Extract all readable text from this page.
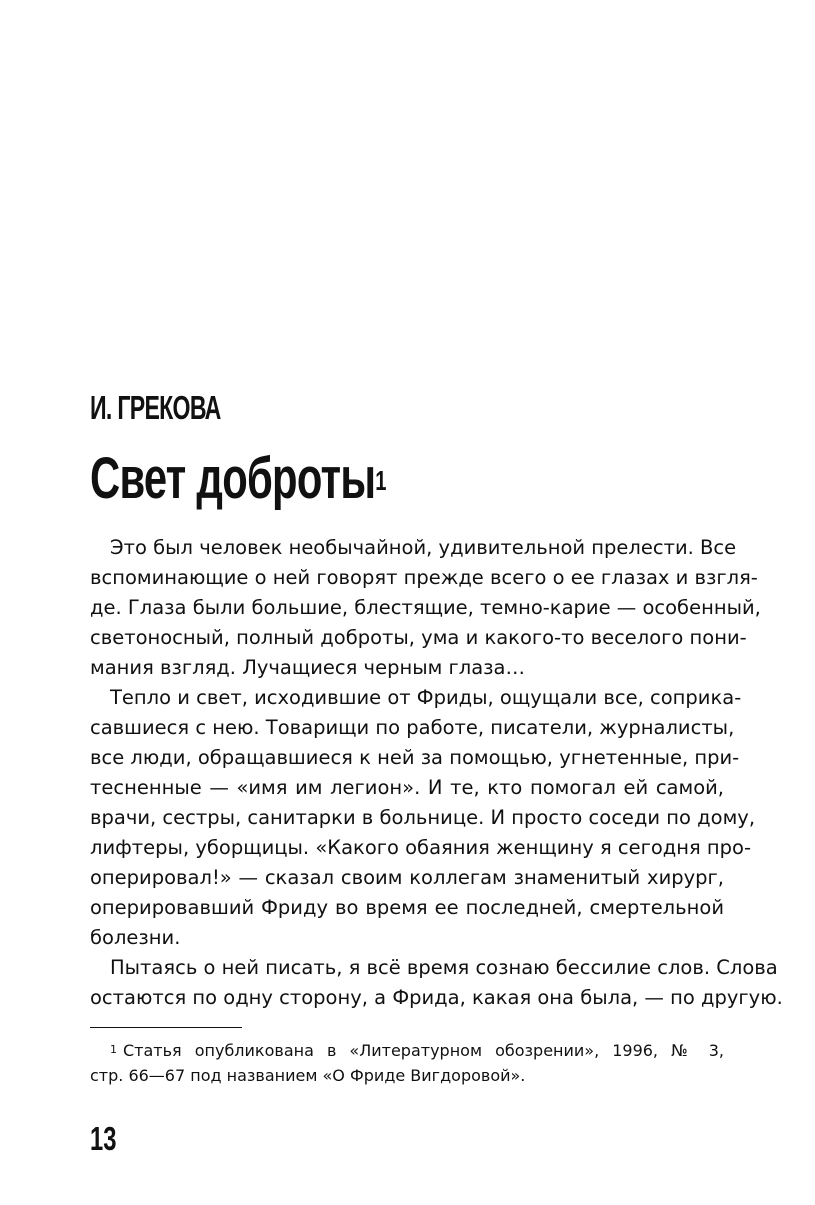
И. ГРЕКОВА
Свет доброты$^1$
Это был человек необычайной, удивительной прелести. Все
вспоминающие о ней говорят прежде всего о ее глазах и взгля-
де. Глаза были большие, блестящие, темно-карие — особенный,
светоносный, полный доброты, ума и какого-то веселого пони-
мания взгляд. Лучащиеся черным глаза…
Тепло и свет, исходившие от Фриды, ощущали все, соприка-
савшиеся с нею. Товарищи по работе, писатели, журналисты,
все люди, обращавшиеся к ней за помощью, угнетенные, при-
тесненные — «имя им легион». И те, кто помогал ей самой,
врачи, сестры, санитарки в больнице. И просто соседи по дому,
лифтеры, уборщицы. «Какого обаяния женщину я сегодня про-
оперировал!» — сказал своим коллегам знаменитый хирург,
оперировавший Фриду во время ее последней, смертельной
болезни.
Пытаясь о ней писать, я всё время сознаю бессилие слов. Слова
остаются по одну сторону, а Фрида, какая она была, — по другую.
$^1$ Статья опубликована в «Литературном обозрении», 1996, № 3,
стр. 66—67 под названием «О Фриде Вигдоровой».
13
